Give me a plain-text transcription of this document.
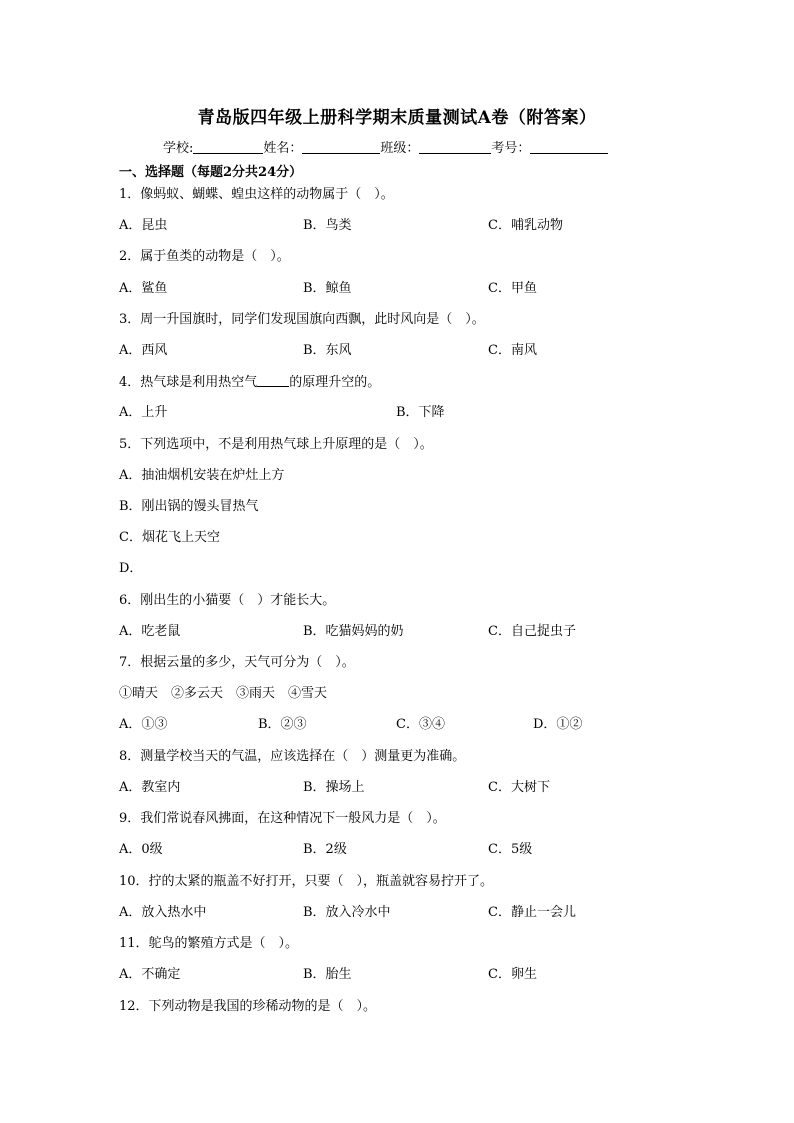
青岛版四年级上册科学期末质量测试A卷（附答案）
学校:	姓名：	班级：	考号：
一、选择题（每题2分共24分）
1．像蚂蚁、蝴蝶、蝗虫这样的动物属于（　）。
A．昆虫	B．鸟类	C．哺乳动物
2．属于鱼类的动物是（　）。
A．鲨鱼	B．鲸鱼	C．甲鱼
3．周一升国旗时，同学们发现国旗向西飘，此时风向是（　）。
A．西风	B．东风	C．南风
4．热气球是利用热空气 的原理升空的。
A．上升	B．下降
5．下列选项中，不是利用热气球上升原理的是（　）。
A．抽油烟机安装在炉灶上方
B．刚出锅的馒头冒热气
C．烟花飞上天空
D．
6．刚出生的小猫要（　）才能长大。
A．吃老鼠	B．吃猫妈妈的奶	C．自己捉虫子
7．根据云量的多少，天气可分为（　）。
①晴天　②多云天　③雨天　④雪天
A．①③	B．②③	C．③④	D．①②
8．测量学校当天的气温，应该选择在（　）测量更为准确。
A．教室内	B．操场上	C．大树下
9．我们常说春风拂面，在这种情况下一般风力是（　）。
A．0级	B．2级	C．5级
10．拧的太紧的瓶盖不好打开，只要（　），瓶盖就容易拧开了。
A．放入热水中	B．放入冷水中	C．静止一会儿
11．鸵鸟的繁殖方式是（　）。
A．不确定	B．胎生	C．卵生
12．下列动物是我国的珍稀动物的是（　）。
